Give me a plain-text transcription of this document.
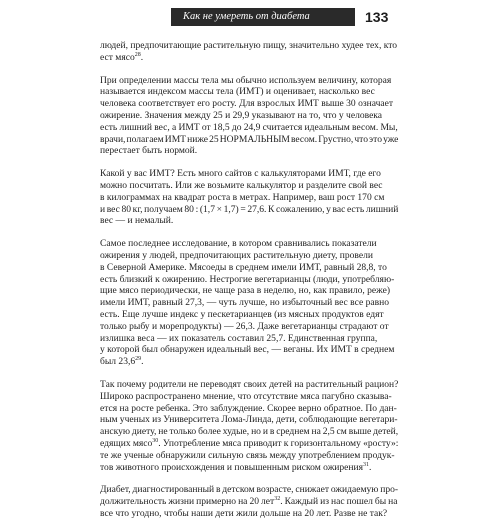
Как не умереть от диабета	133

людей, предпочитающие растительную пищу, значительно худее тех, кто
ест мясо$^{28}$.

При определении массы тела мы обычно используем величину, которая
называется индексом массы тела (ИМТ) и оценивает, насколько вес
человека соответствует его росту. Для взрослых ИМТ выше 30 означает
ожирение. Значения между 25 и 29,9 указывают на то, что у человека
есть лишний вес, а ИМТ от 18,5 до 24,9 считается идеальным весом. Мы,
врачи, полагаем ИМТ ниже 25 НОРМАЛЬНЫМ весом. Грустно, что это уже
перестает быть нормой.

Какой у вас ИМТ? Есть много сайтов с калькуляторами ИМТ, где его
можно посчитать. Или же возьмите калькулятор и разделите свой вес
в килограммах на квадрат роста в метрах. Например, ваш рост 170 см
и вес 80 кг, получаем 80 : (1,7 × 1,7) = 27,6. К сожалению, у вас есть лишний
вес — и немалый.

Самое последнее исследование, в котором сравнивались показатели
ожирения у людей, предпочитающих растительную диету, провели
в Северной Америке. Мясоеды в среднем имели ИМТ, равный 28,8, то
есть близкий к ожирению. Нестрогие вегетарианцы (люди, употребляю-
щие мясо периодически, не чаще раза в неделю, но, как правило, реже)
имели ИМТ, равный 27,3, — чуть лучше, но избыточный вес все равно
есть. Еще лучше индекс у пескетарианцев (из мясных продуктов едят
только рыбу и морепродукты) — 26,3. Даже вегетарианцы страдают от
излишка веса — их показатель составил 25,7. Единственная группа,
у которой был обнаружен идеальный вес, — веганы. Их ИМТ в среднем
был 23,6$^{29}$.

Так почему родители не переводят своих детей на растительный рацион?
Широко распространено мнение, что отсутствие мяса пагубно сказыва-
ется на росте ребенка. Это заблуждение. Скорее верно обратное. По дан-
ным ученых из Университета Лома-Линда, дети, соблюдающие вегетари-
анскую диету, не только более худые, но и в среднем на 2,5 см выше детей,
едящих мясо$^{30}$. Употребление мяса приводит к горизонтальному «росту»:
те же ученые обнаружили сильную связь между употреблением продук-
тов животного происхождения и повышенным риском ожирения$^{31}$.

Диабет, диагностированный в детском возрасте, снижает ожидаемую про-
должительность жизни примерно на 20 лет$^{32}$. Каждый из нас пошел бы на
все что угодно, чтобы наши дети жили дольше на 20 лет. Разве не так?
